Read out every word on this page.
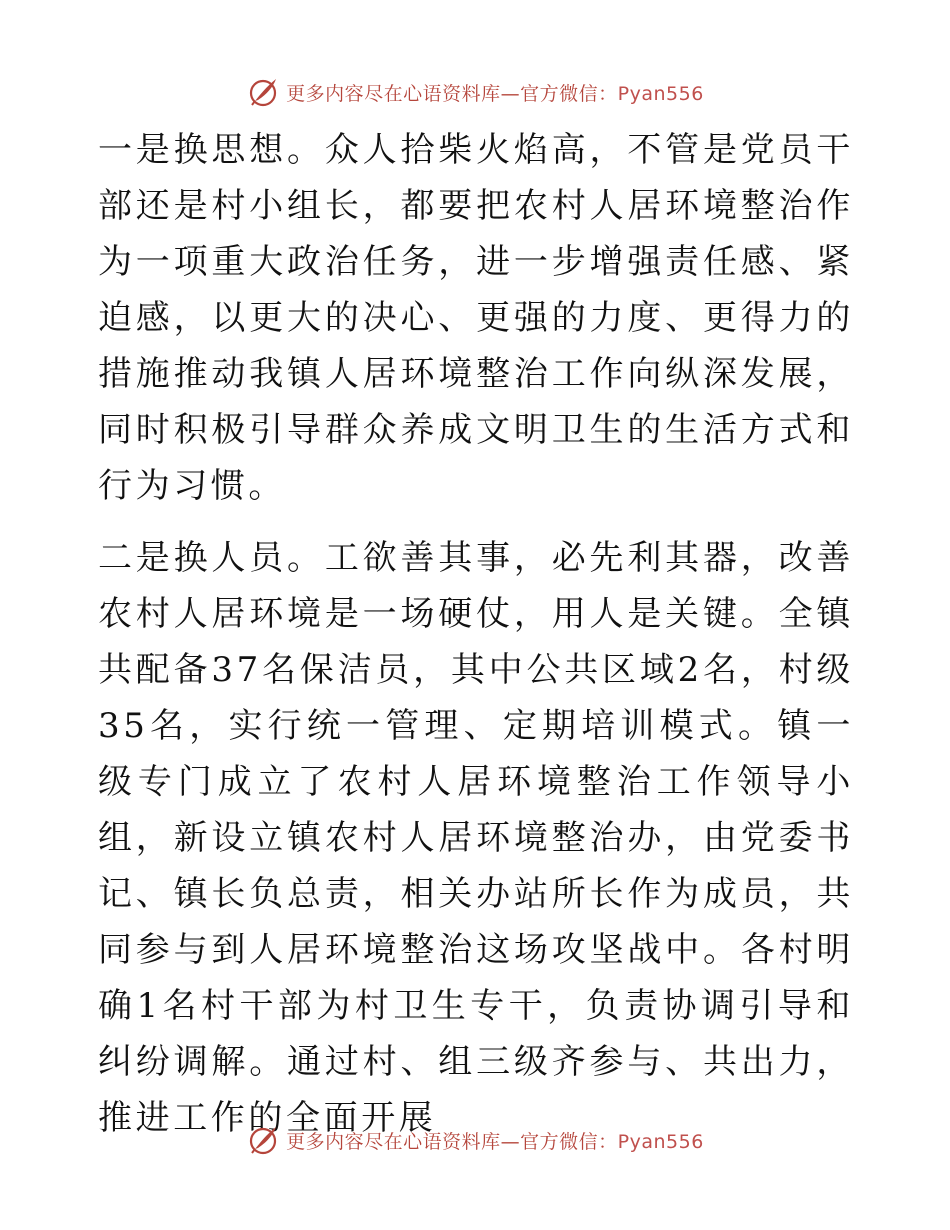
更多内容尽在心语资料库—官方微信：Pyan556

一是换思想。众人拾柴火焰高，不管是党员干部还是村小组长，都要把农村人居环境整治作为一项重大政治任务，进一步增强责任感、紧迫感，以更大的决心、更强的力度、更得力的措施推动我镇人居环境整治工作向纵深发展，同时积极引导群众养成文明卫生的生活方式和行为习惯。

二是换人员。工欲善其事，必先利其器，改善农村人居环境是一场硬仗，用人是关键。全镇共配备37名保洁员，其中公共区域2名，村级35名，实行统一管理、定期培训模式。镇一级专门成立了农村人居环境整治工作领导小组，新设立镇农村人居环境整治办，由党委书记、镇长负总责，相关办站所长作为成员，共同参与到人居环境整治这场攻坚战中。各村明确1名村干部为村卫生专干，负责协调引导和纠纷调解。通过村、组三级齐参与、共出力，推进工作的全面开展

更多内容尽在心语资料库—官方微信：Pyan556
